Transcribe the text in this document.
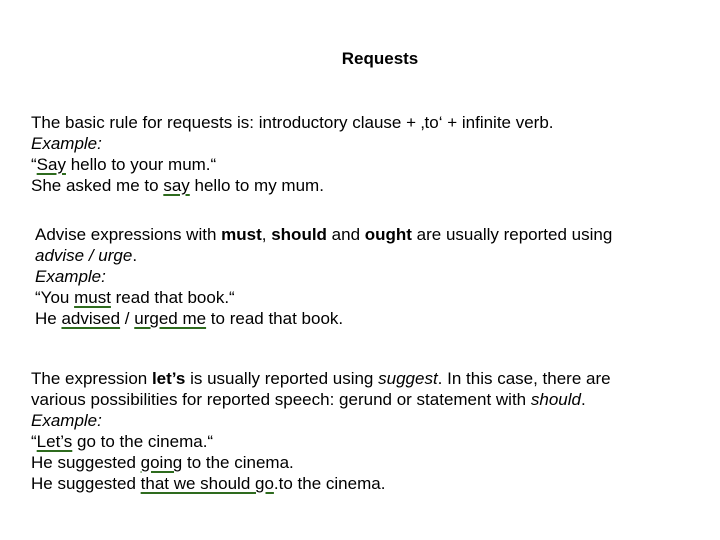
Requests
The basic rule for requests is: introductory clause + ‚to‘ + infinite verb.
Example:
“Say hello to your mum.“
She asked me to say hello to my mum.
Advise expressions with must, should and ought are usually reported using
advise / urge.
Example:
“You must read that book.“
He advised / urged me to read that book.
The expression let’s is usually reported using suggest. In this case, there are
various possibilities for reported speech: gerund or statement with should.
Example:
“Let’s go to the cinema.“
He suggested going to the cinema.
He suggested that we should go.to the cinema.
